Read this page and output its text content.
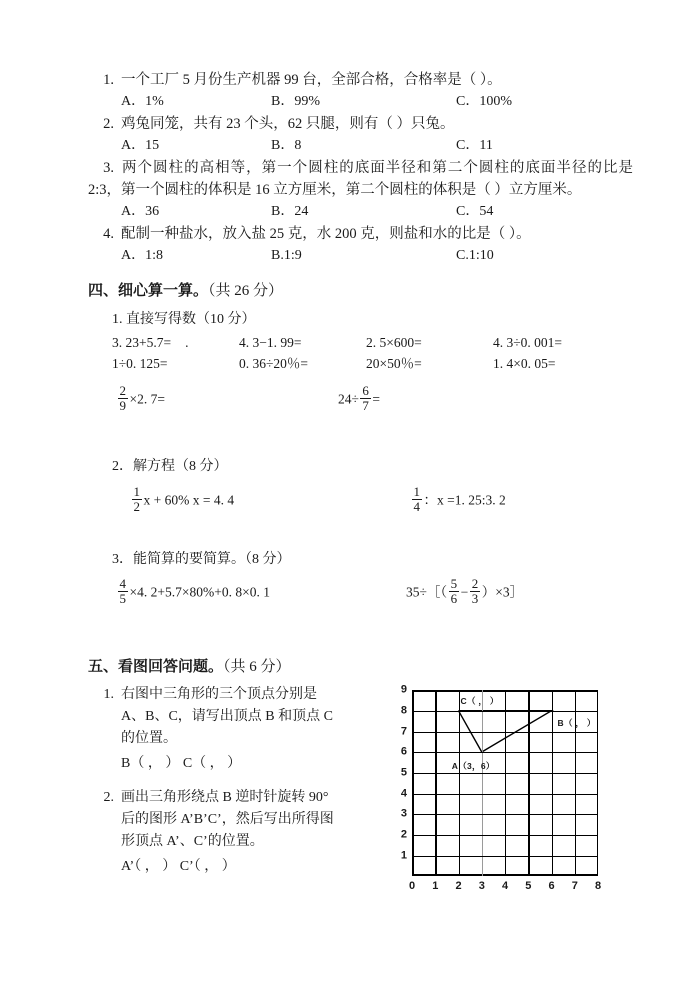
1. 一个工厂 5 月份生产机器 99 台，全部合格，合格率是（ ）。
A．1%	B．99%	C．100%
2. 鸡兔同笼，共有 23 个头，62 只腿，则有（ ）只兔。
A．15	B．8	C．11
3. 两个圆柱的高相等，第一个圆柱的底面半径和第二个圆柱的底面半径的比是 2:3，第一个圆柱的体积是 16 立方厘米，第二个圆柱的体积是（ ）立方厘米。
A．36	B．24	C．54
4. 配制一种盐水，放入盐 25 克，水 200 克，则盐和水的比是（ ）。
A．1:8	B.1:9	C.1:10
四、细心算一算。（共 26 分）
1. 直接写得数（10 分）
3. 23+5.7= .	4. 3−1. 99=	2. 5×600=	4. 3÷0. 001=
1÷0. 125=	0. 36÷20％=	20×50％=	1. 4×0. 05=
$\frac{2}{9} \times 2$. 7=	$24\div \frac{6}{7}$ =
2．解方程（8 分）
$\frac{1}{2}$ x + 60% x = 4. 4	$\frac{1}{4}$ ：x =1. 25:3. 2
3．能简算的要简算。（8 分）
$\frac{4}{5} \times 4$. 2+5.7×80%+0. 8×0. 1	35÷［（ $\frac{5}{6} - \frac{2}{3}$ ）×3］
五、看图回答问题。（共 6 分）
1. 右图中三角形的三个顶点分别是
A、B、C，请写出顶点 B 和顶点 C
的位置。
B（ ， ） C（ ， ）
2. 画出三角形绕点 B 逆时针旋转 90°
后的图形 A’B’C’，然后写出所得图
形顶点 A’、C’的位置。
A’（ ， ） C’（ ， ）
1
2
3
4
5
6
7
8
9
0 1 2 3 4 5 6 7 8
C（ ， ）
A（3，6）
B（ ， ）
